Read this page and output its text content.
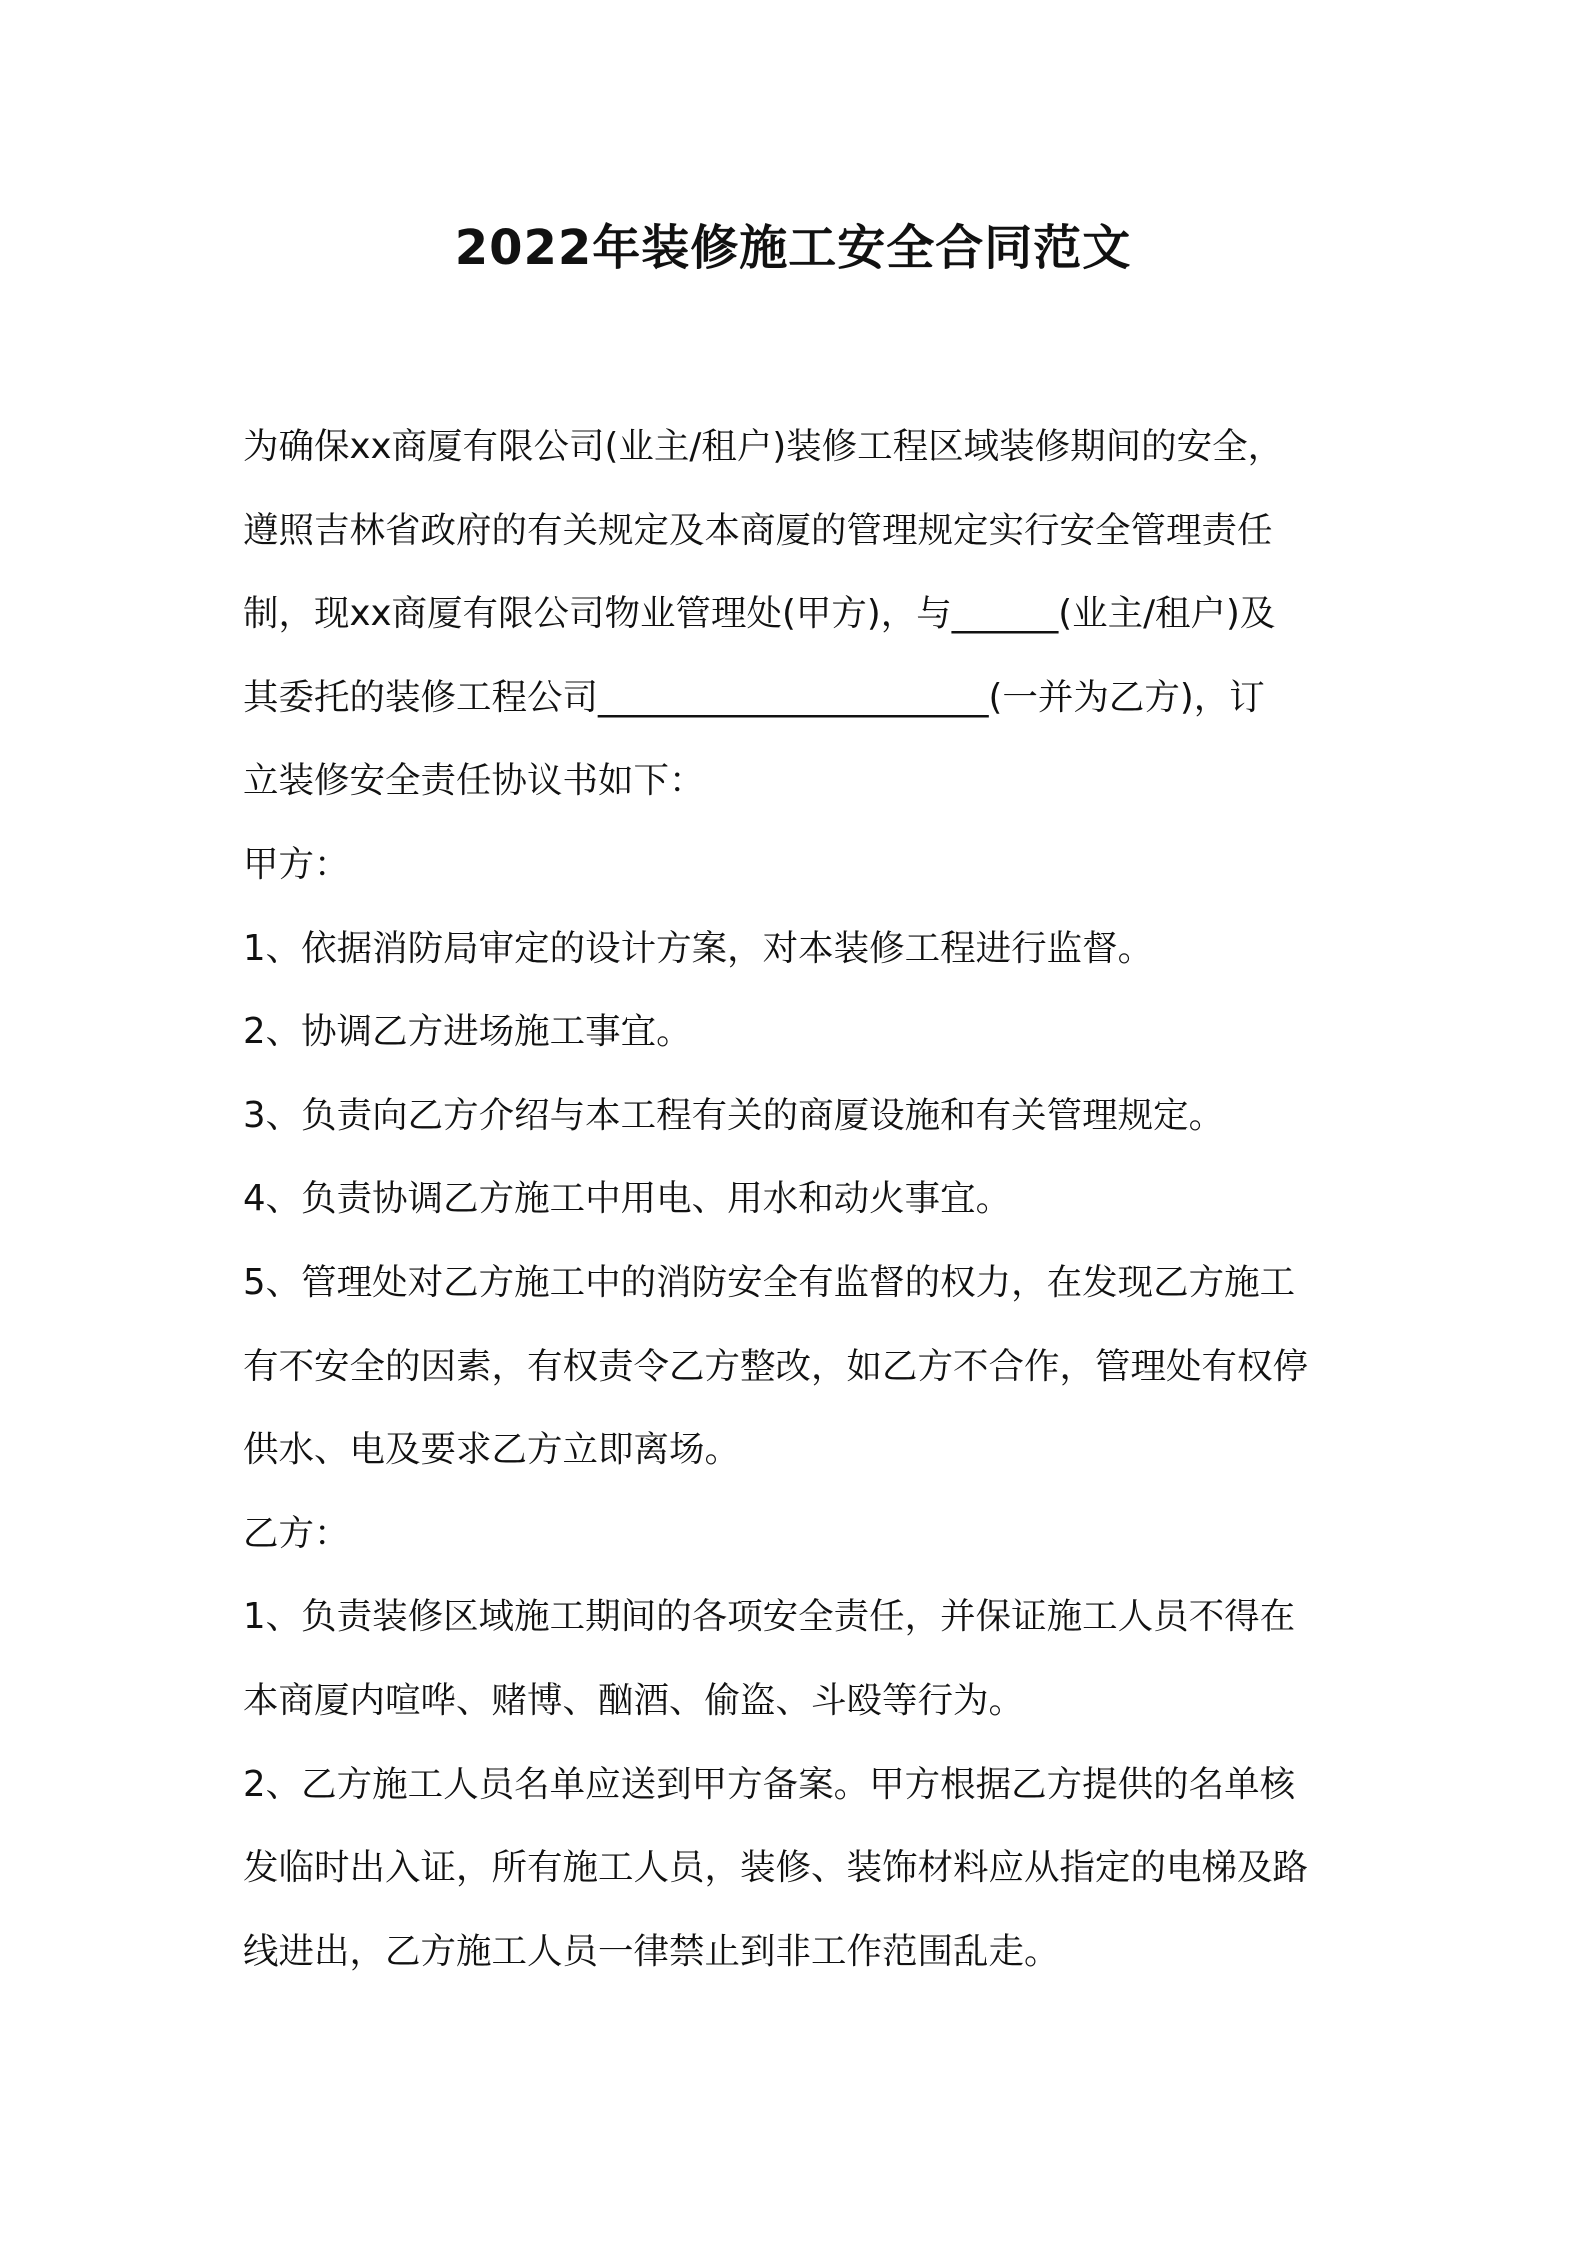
2022年装修施工安全合同范文
为确保xx商厦有限公司(业主/租户)装修工程区域装修期间的安全，
遵照吉林省政府的有关规定及本商厦的管理规定实行安全管理责任
制，现xx商厦有限公司物业管理处(甲方)，与______(业主/租户)及
其委托的装修工程公司______________________(一并为乙方)，订
立装修安全责任协议书如下：
甲方：
1、依据消防局审定的设计方案，对本装修工程进行监督。
2、协调乙方进场施工事宜。
3、负责向乙方介绍与本工程有关的商厦设施和有关管理规定。
4、负责协调乙方施工中用电、用水和动火事宜。
5、管理处对乙方施工中的消防安全有监督的权力，在发现乙方施工
有不安全的因素，有权责令乙方整改，如乙方不合作，管理处有权停
供水、电及要求乙方立即离场。
乙方：
1、负责装修区域施工期间的各项安全责任，并保证施工人员不得在
本商厦内喧哗、赌博、酗酒、偷盗、斗殴等行为。
2、乙方施工人员名单应送到甲方备案。甲方根据乙方提供的名单核
发临时出入证，所有施工人员，装修、装饰材料应从指定的电梯及路
线进出，乙方施工人员一律禁止到非工作范围乱走。
